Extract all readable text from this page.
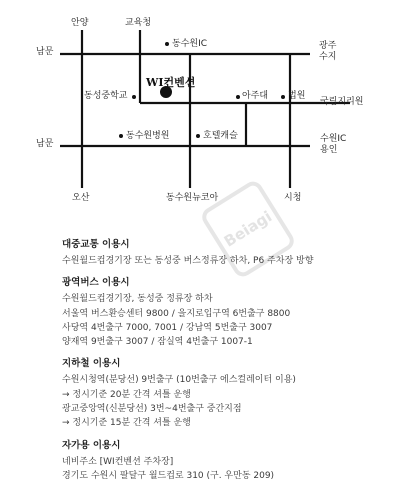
안양	교육청
남문
동수원IC	광주
수지
WI컨벤션
동성중학교	아주대 법원
국립지리원
남문
동수원병원	호텔캐슬	수원IC
용인
오산	동수원뉴코아	시청
Beiagi
대중교통 이용시
수원월드컵경기장 또는 동성중 버스정류장 하차, P6 주차장 방향
광역버스 이용시
수원월드컵경기장, 동성중 정류장 하차
서울역 버스환승센터 9800 / 을지로입구역 6번출구 8800
사당역 4번출구 7000, 7001 / 강남역 5번출구 3007
양재역 9번출구 3007 / 잠실역 4번출구 1007-1
지하철 이용시
수원시청역(분당선) 9번출구 (10번출구 에스컬레이터 이용)
→ 정시기준 20분 간격 셔틀 운행
광교중앙역(신분당선) 3번~4번출구 중간지점
→ 정시기준 15분 간격 셔틀 운행
자가용 이용시
네비주소 [WI컨벤션 주차장]
경기도 수원시 팔달구 월드컵로 310 (구. 우만동 209)
